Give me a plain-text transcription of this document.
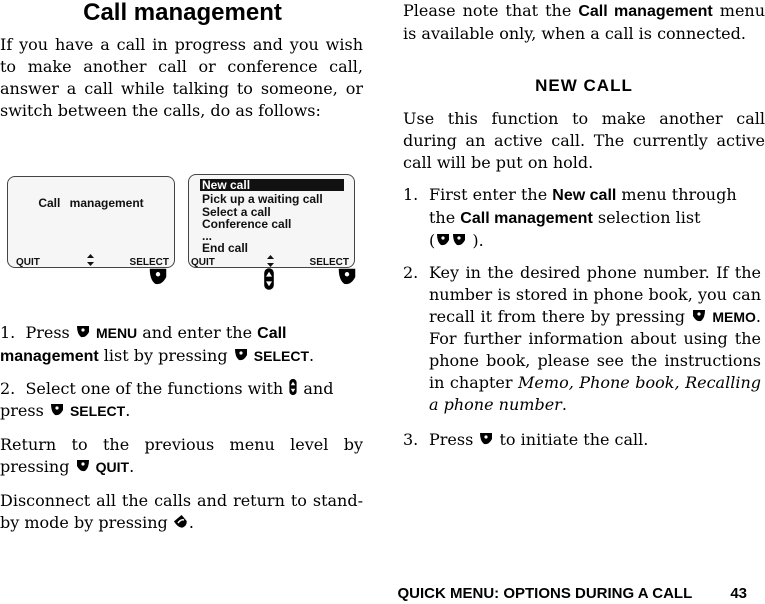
Call management
If you have a call in progress and you wish to make another call or conference call, answer a call while talking to someone, or switch between the calls, do as follows:
Call management
QUIT	SELECT
New call
Pick up a waiting call
Select a call
Conference call
...
End call
QUIT	SELECT
1. Press MENU and enter the Call management list by pressing SELECT.
2. Select one of the functions with and press SELECT.
Return to the previous menu level by pressing QUIT.
Disconnect all the calls and return to stand-by mode by pressing .
Please note that the Call management menu is available only, when a call is connected.
NEW CALL
Use this function to make another call during an active call. The currently active call will be put on hold.
1. First enter the New call menu through the Call management selection list
( ).
2. Key in the desired phone number. If the number is stored in phone book, you can recall it from there by pressing MEMO. For further information about using the phone book, please see the instructions in chapter Memo, Phone book, Recalling a phone number.
3. Press to initiate the call.
QUICK MENU: OPTIONS DURING A CALL	43
